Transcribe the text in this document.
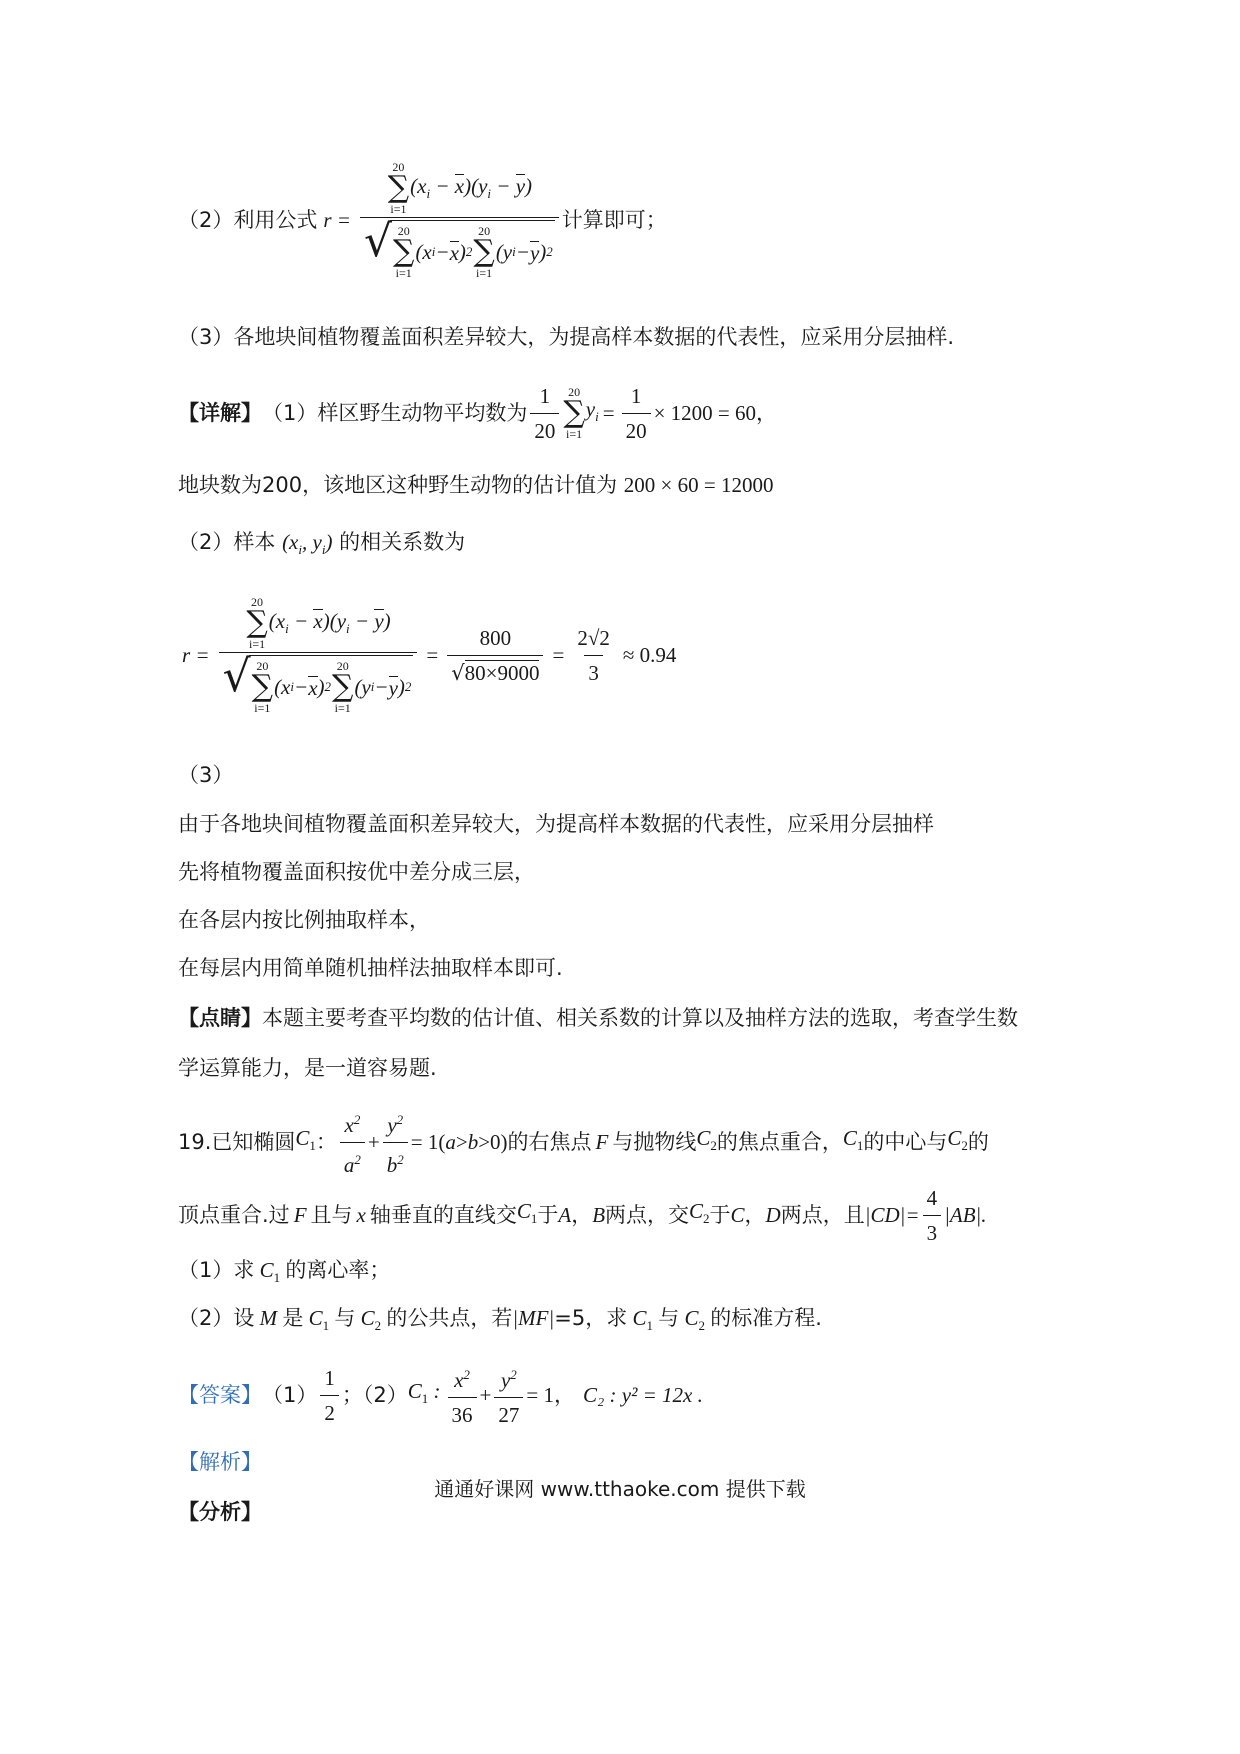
（2）利用公式 r = 20
∑
i=1
$(x_i - x)(y_i - y)$
√ 20
∑
i=1
(x i − x ) 2
20
∑
i=1
(y i − y ) 2 计算即可；
（3）各地块间植物覆盖面积差异较大，为提高样本数据的代表性，应采用分层抽样.
【详解】 （1）样区野生动物平均数为 $\frac{1}{20} 20$
∑
i=1
$y_i = \frac{1}{20} \times 1200 = 60$，
地块数为200，该地区这种野生动物的估计值为 200 × 60 = 12000
（2）样本 ($x_i$, $y_i$) 的相关系数为
r = 20
∑
i=1
$(x_i - x)(y_i - y)$
√ 20
∑
i=1
(x i − x ) 2
20
∑
i=1
(y i − y ) $2 = \frac{800}{√80\times 9000} = \frac{2√2}{3} \approx 0.94$
（3）
由于各地块间植物覆盖面积差异较大，为提高样本数据的代表性，应采用分层抽样
先将植物覆盖面积按优中差分成三层，
在各层内按比例抽取样本，
在每层内用简单随机抽样法抽取样本即可.
【点睛】本题主要考查平均数的估计值、相关系数的计算以及抽样方法的选取，考查学生数
学运算能力，是一道容易题.
19.已知椭圆 $C_1$ ： $\frac{x^2}{a^2} + \frac{y^2}{b^2} = 1$ ( a > b >0) 的右焦点 F 与抛物线 $C_2$ 的焦点重合， $C_1$ 的中心与 $C_2$ 的
顶点重合.过 F 且与 x 轴垂直的直线交 $C_1$ 于 A ， B 两点，交 $C_2$ 于 C ， D 两点，且 $|CD|= \frac{4}{3} |AB|$.
（1）求 $C_1$ 的离心率；
（2）设 M 是 $C_1$ 与 $C_2$ 的公共点，若|MF|=5，求 $C_1$ 与 $C_2$ 的标准方程.
【答案】 $(1) \frac{1}{2}$ ；（2） $C_1$ : $\frac{x^2}{36} + \frac{y^2}{27} = 1$， C₂ : y² = 12x .
【解析】
【分析】
通通好课网 www.tthaoke.com 提供下载
